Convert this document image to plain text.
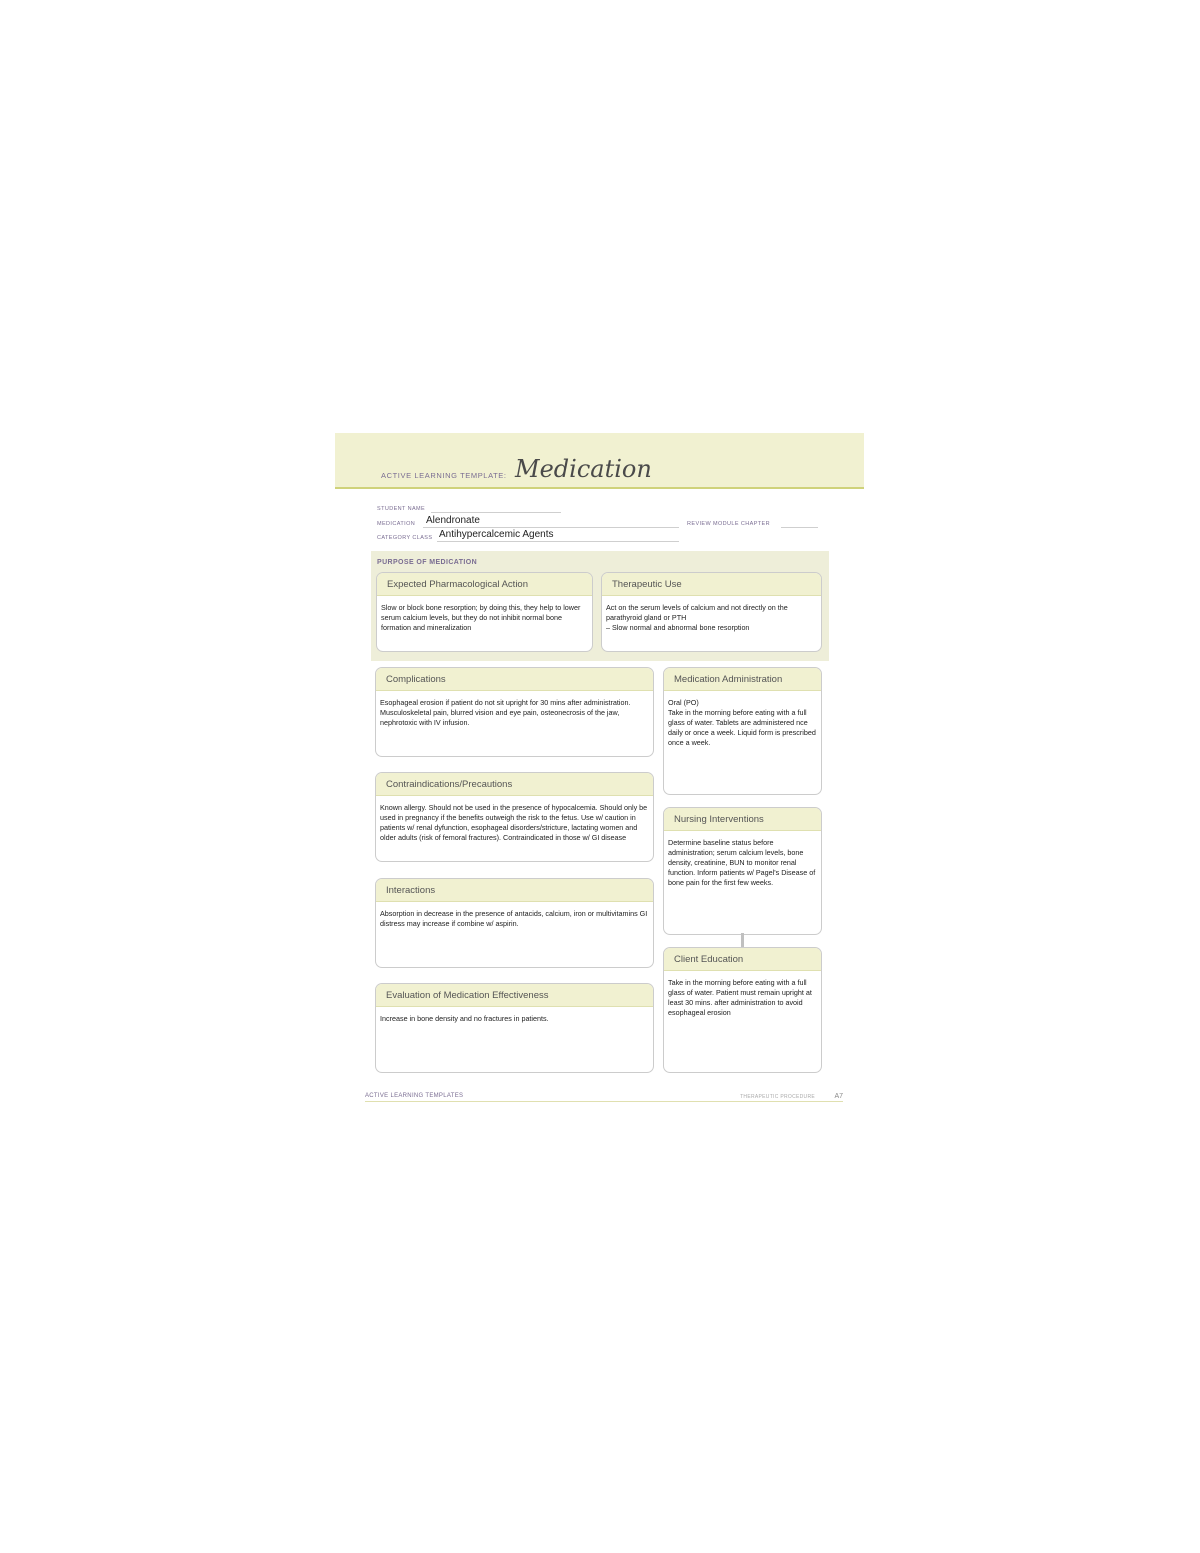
ACTIVE LEARNING TEMPLATE: Medication
STUDENT NAME
MEDICATION Alendronate	REVIEW MODULE CHAPTER
CATEGORY CLASS Antihypercalcemic Agents
PURPOSE OF MEDICATION
Expected Pharmacological Action
Slow or block bone resorption; by doing this, they help to lower serum calcium levels, but they do not inhibit normal bone formation and mineralization
Therapeutic Use
Act on the serum levels of calcium and not directly on the parathyroid gland or PTH
– Slow normal and abnormal bone resorption
Complications
Esophageal erosion if patient do not sit upright for 30 mins after administration. Musculoskeletal pain, blurred vision and eye pain, osteonecrosis of the jaw, nephrotoxic with IV infusion.
Contraindications/Precautions
Known allergy. Should not be used in the presence of hypocalcemia. Should only be used in pregnancy if the benefits outweigh the risk to the fetus. Use w/ caution in patients w/ renal dyfunction, esophageal disorders/stricture, lactating women and older adults (risk of femoral fractures). Contraindicated in those w/ GI disease
Interactions
Absorption in decrease in the presence of antacids, calcium, iron or multivitamins GI distress may increase if combine w/ aspirin.
Evaluation of Medication Effectiveness
Increase in bone density and no fractures in patients.
Medication Administration
Oral (PO)
Take in the morning before eating with a full glass of water. Tablets are administered nce daily or once a week. Liquid form is prescribed once a week.
Nursing Interventions
Determine baseline status before administration; serum calcium levels, bone density, creatinine, BUN to monitor renal function. Inform patients w/ Pagel's Disease of bone pain for the first few weeks.
Client Education
Take in the morning before eating with a full glass of water. Patient must remain upright at least 30 mins. after administration to avoid esophageal erosion
ACTIVE LEARNING TEMPLATES	THERAPEUTIC PROCEDURE	A7
